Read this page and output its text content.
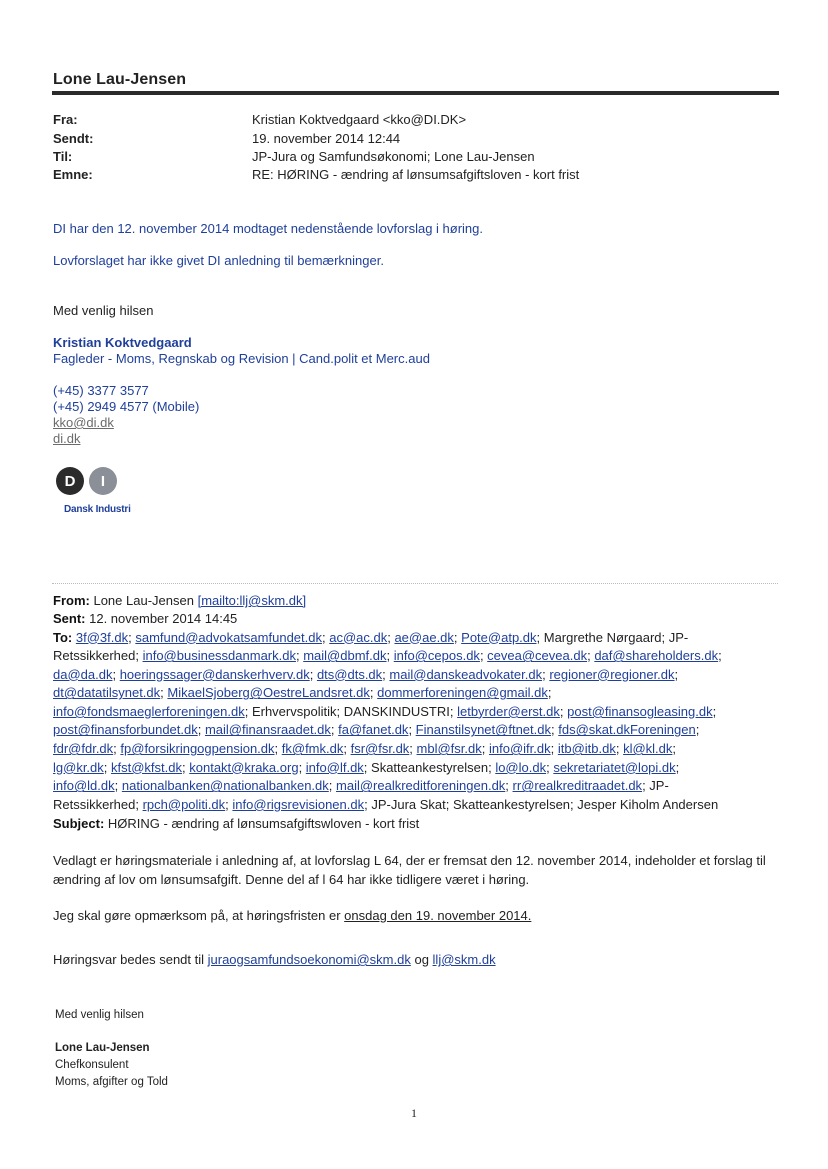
Lone Lau-Jensen
Fra:	Kristian Koktvedgaard <kko@DI.DK>
Sendt:	19. november 2014 12:44
Til:	JP-Jura og Samfundsøkonomi; Lone Lau-Jensen
Emne:	RE: HØRING - ændring af lønsumsafgiftsloven - kort frist
DI har den 12. november 2014 modtaget nedenstående lovforslag i høring.
Lovforslaget har ikke givet DI anledning til bemærkninger.
Med venlig hilsen
Kristian Koktvedgaard
Fagleder - Moms, Regnskab og Revision | Cand.polit et Merc.aud
(+45) 3377 3577
(+45) 2949 4577 (Mobile)
kko@di.dk
di.dk
D I
Dansk Industri
From: Lone Lau-Jensen [mailto:llj@skm.dk]
Sent: 12. november 2014 14:45
To: 3f@3f.dk; samfund@advokatsamfundet.dk; ac@ac.dk; ae@ae.dk; Pote@atp.dk; Margrethe Nørgaard; JP-
Retssikkerhed; info@businessdanmark.dk; mail@dbmf.dk; info@cepos.dk; cevea@cevea.dk; daf@shareholders.dk;
da@da.dk; hoeringssager@danskerhverv.dk; dts@dts.dk; mail@danskeadvokater.dk; regioner@regioner.dk;
dt@datatilsynet.dk; MikaelSjoberg@OestreLandsret.dk; dommerforeningen@gmail.dk;
info@fondsmaeglerforeningen.dk; Erhvervspolitik; DANSKINDUSTRI; letbyrder@erst.dk; post@finansogleasing.dk;
post@finansforbundet.dk; mail@finansraadet.dk; fa@fanet.dk; Finanstilsynet@ftnet.dk; fds@skat.dkForeningen;
fdr@fdr.dk; fp@forsikringogpension.dk; fk@fmk.dk; fsr@fsr.dk; mbl@fsr.dk; info@ifr.dk; itb@itb.dk; kl@kl.dk;
lg@kr.dk; kfst@kfst.dk; kontakt@kraka.org; info@lf.dk; Skatteankestyrelsen; lo@lo.dk; sekretariatet@lopi.dk;
info@ld.dk; nationalbanken@nationalbanken.dk; mail@realkreditforeningen.dk; rr@realkreditraadet.dk; JP-
Retssikkerhed; rpch@politi.dk; info@rigsrevisionen.dk; JP-Jura Skat; Skatteankestyrelsen; Jesper Kiholm Andersen
Subject: HØRING - ændring af lønsumsafgiftswloven - kort frist
Vedlagt er høringsmateriale i anledning af, at lovforslag L 64, der er fremsat den 12. november 2014, indeholder et forslag til ændring af lov om lønsumsafgift. Denne del af l 64 har ikke tidligere været i høring.
Jeg skal gøre opmærksom på, at høringsfristen er onsdag den 19. november 2014.
Høringsvar bedes sendt til juraogsamfundsoekonomi@skm.dk og llj@skm.dk
Med venlig hilsen
Lone Lau-Jensen
Chefkonsulent
Moms, afgifter og Told
1
